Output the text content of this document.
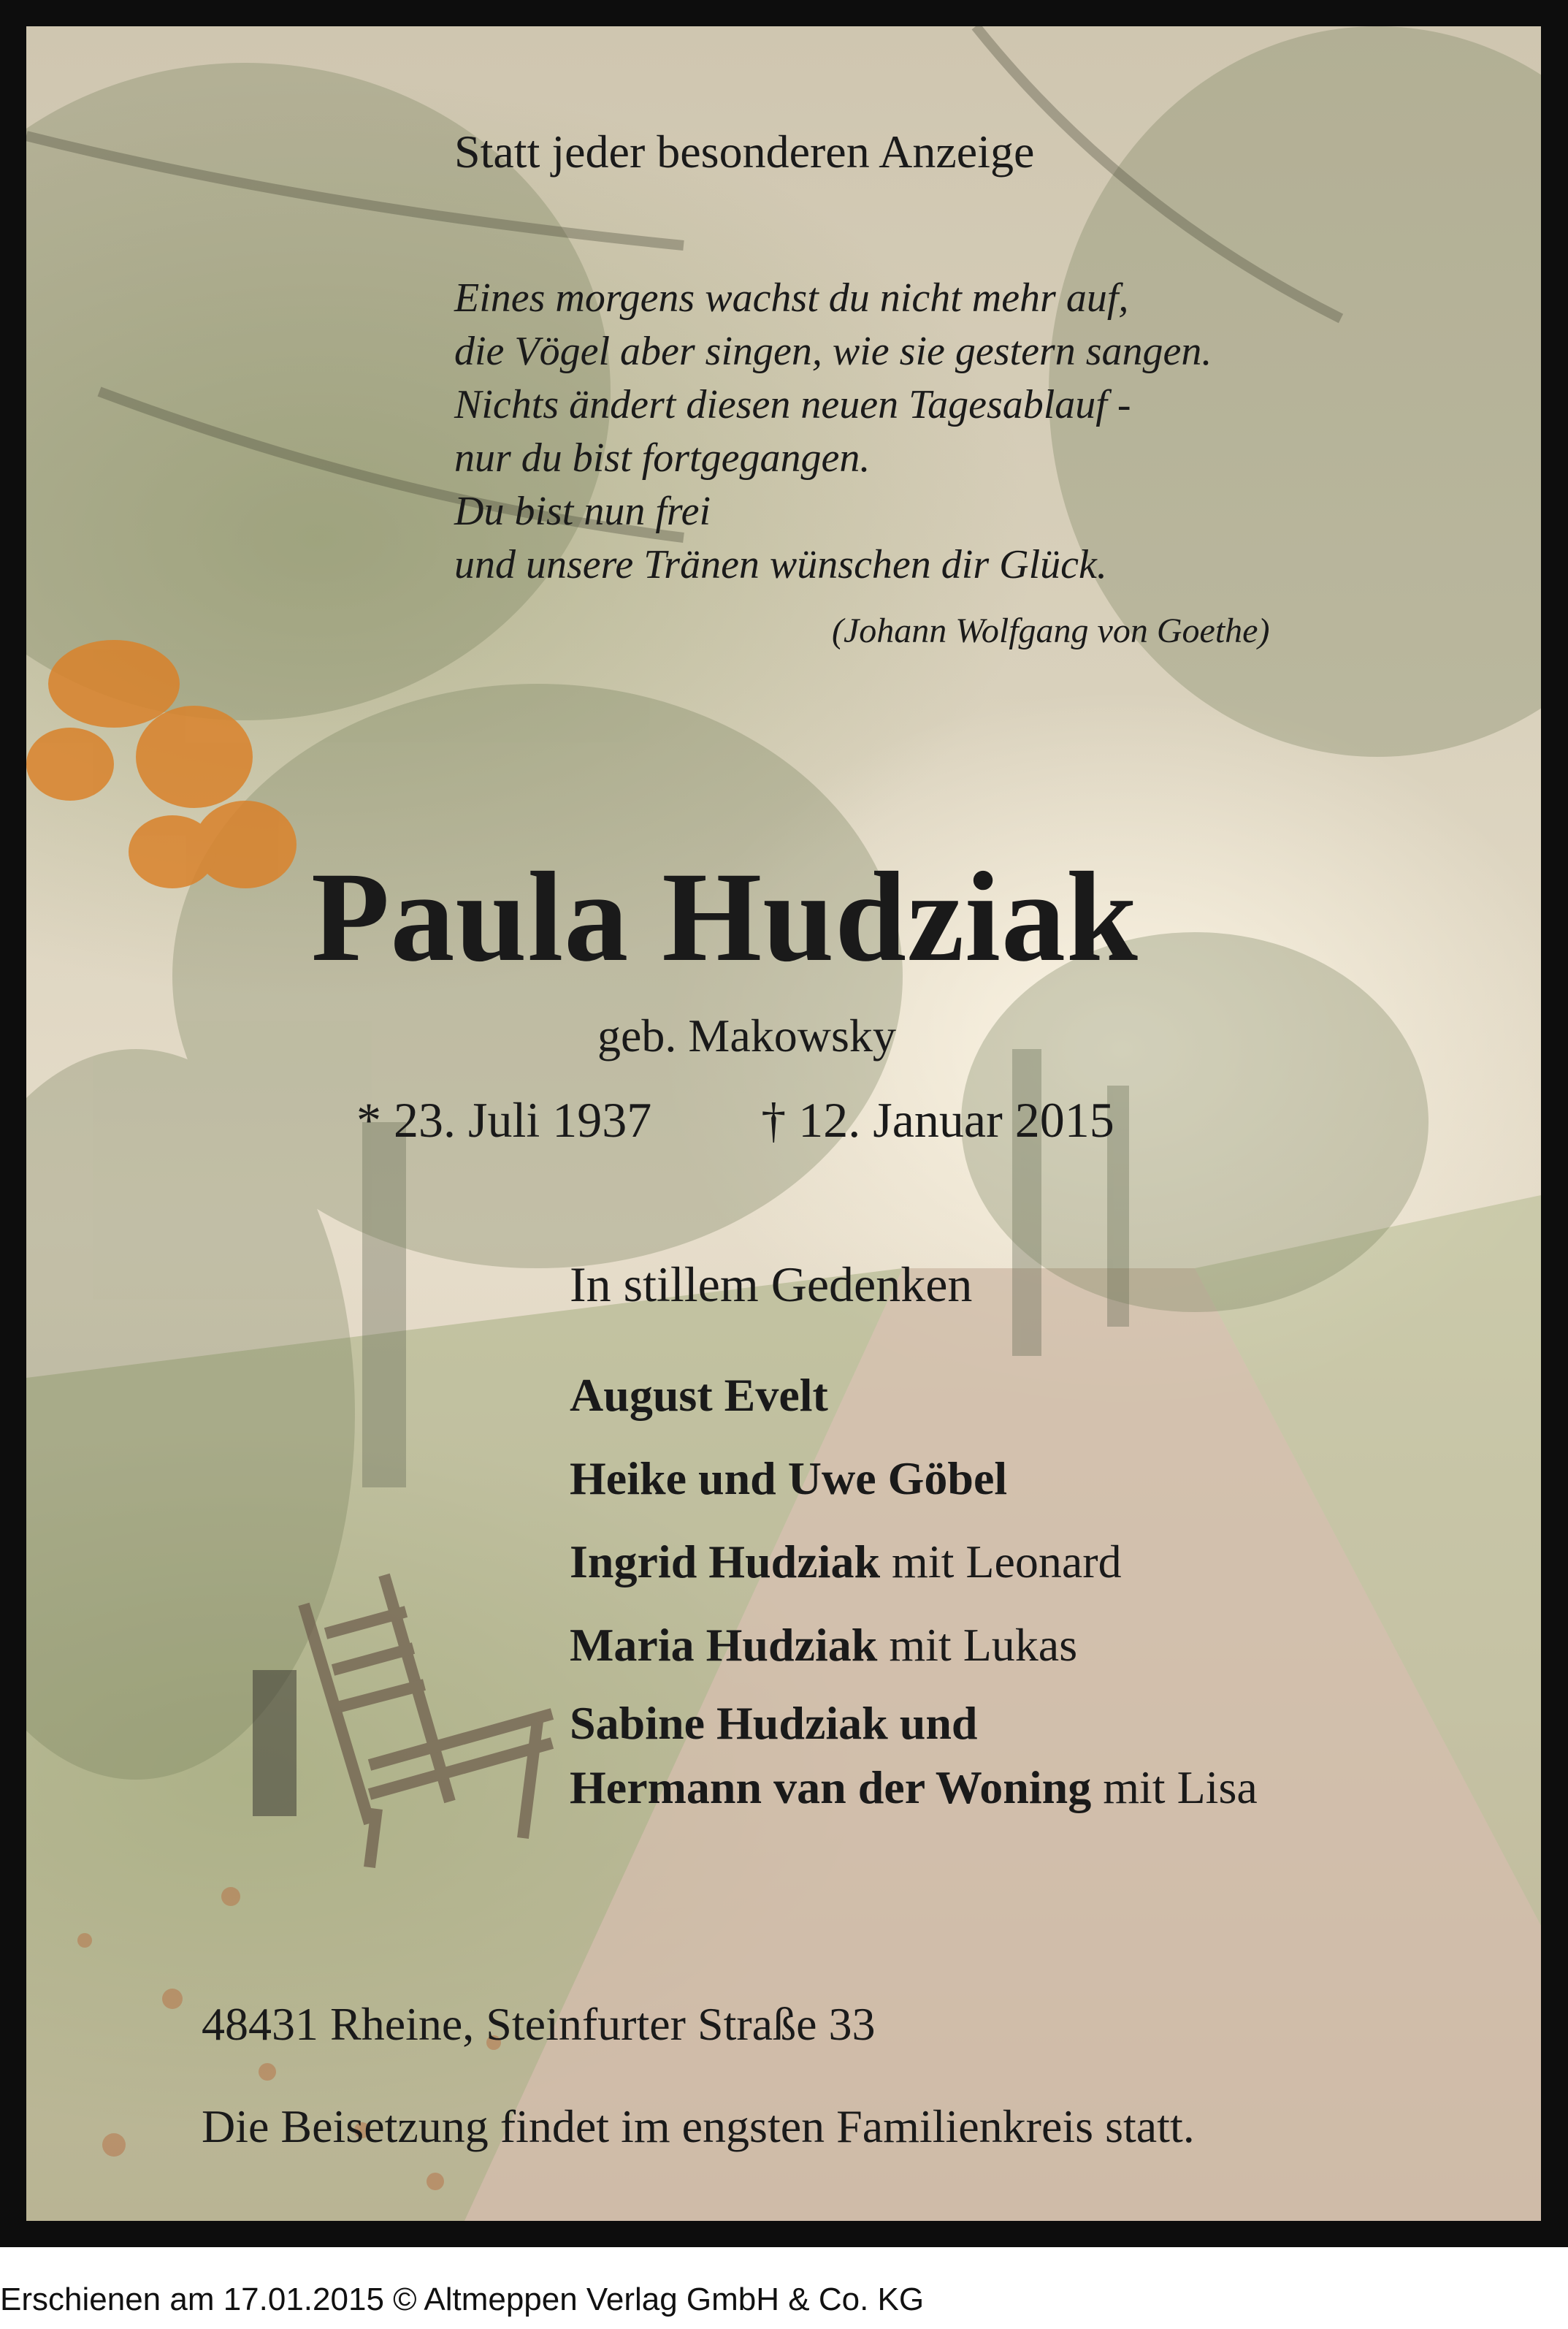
Statt jeder besonderen Anzeige
Eines morgens wachst du nicht mehr auf,
die Vögel aber singen, wie sie gestern sangen.
Nichts ändert diesen neuen Tagesablauf -
nur du bist fortgegangen.
Du bist nun frei
und unsere Tränen wünschen dir Glück.
(Johann Wolfgang von Goethe)
Paula Hudziak
geb. Makowsky
* 23. Juli 1937 † 12. Januar 2015
In stillem Gedenken
August Evelt
Heike und Uwe Göbel
Ingrid Hudziak mit Leonard
Maria Hudziak mit Lukas
Sabine Hudziak und
Hermann van der Woning mit Lisa
48431 Rheine, Steinfurter Straße 33
Die Beisetzung findet im engsten Familienkreis statt.
Erschienen am 17.01.2015 © Altmeppen Verlag GmbH & Co. KG
